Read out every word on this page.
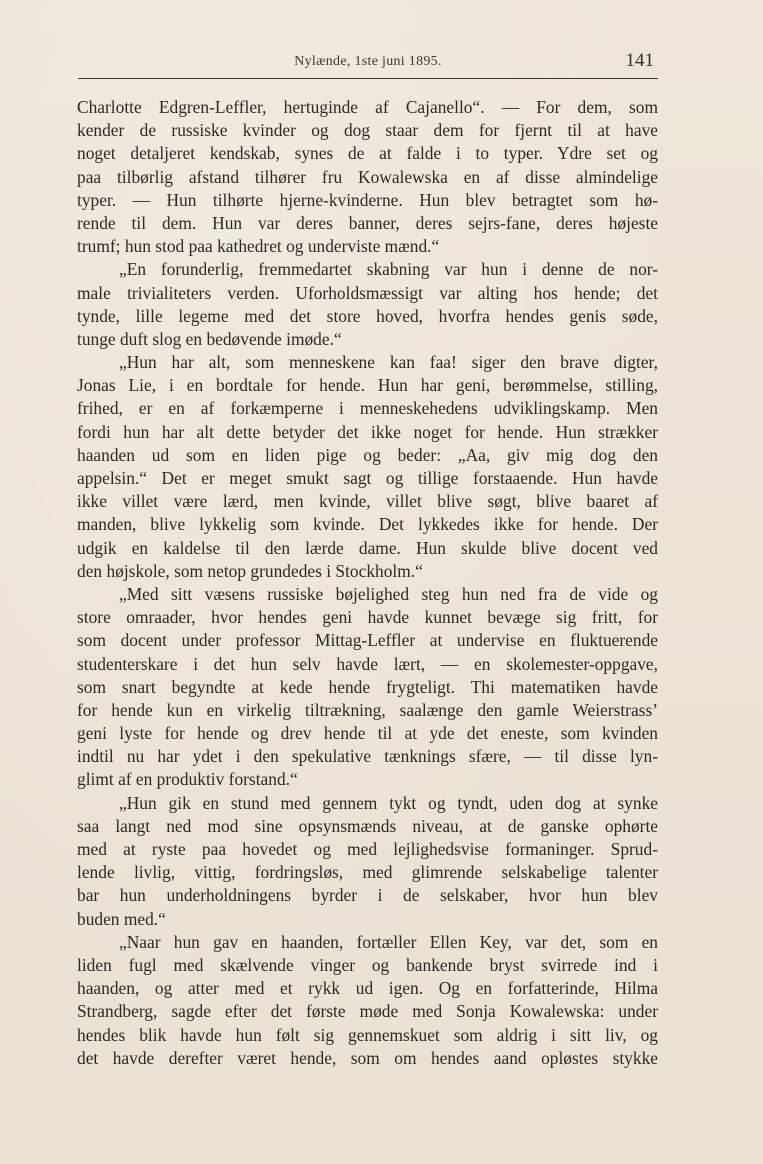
Nylænde, 1ste juni 1895.	141
Charlotte Edgren-Leffler, hertuginde af Cajanello“. — For dem, som
kender de russiske kvinder og dog staar dem for fjernt til at have
noget detaljeret kendskab, synes de at falde i to typer. Ydre set og
paa tilbørlig afstand tilhører fru Kowalewska en af disse almindelige
typer. — Hun tilhørte hjerne-kvinderne. Hun blev betragtet som hø-
rende til dem. Hun var deres banner, deres sejrs-fane, deres højeste
trumf; hun stod paa kathedret og underviste mænd.“
„En forunderlig, fremmedartet skabning var hun i denne de nor-
male trivialiteters verden. Uforholdsmæssigt var alting hos hende; det
tynde, lille legeme med det store hoved, hvorfra hendes genis søde,
tunge duft slog en bedøvende imøde.“
„Hun har alt, som menneskene kan faa! siger den brave digter,
Jonas Lie, i en bordtale for hende. Hun har geni, berømmelse, stilling,
frihed, er en af forkæmperne i menneskehedens udviklingskamp. Men
fordi hun har alt dette betyder det ikke noget for hende. Hun strækker
haanden ud som en liden pige og beder: „Aa, giv mig dog den
appelsin.“ Det er meget smukt sagt og tillige forstaaende. Hun havde
ikke villet være lærd, men kvinde, villet blive søgt, blive baaret af
manden, blive lykkelig som kvinde. Det lykkedes ikke for hende. Der
udgik en kaldelse til den lærde dame. Hun skulde blive docent ved
den højskole, som netop grundedes i Stockholm.“
„Med sitt væsens russiske bøjelighed steg hun ned fra de vide og
store omraader, hvor hendes geni havde kunnet bevæge sig fritt, for
som docent under professor Mittag-Leffler at undervise en fluktuerende
studenterskare i det hun selv havde lært, — en skolemester-oppgave,
som snart begyndte at kede hende frygteligt. Thi matematiken havde
for hende kun en virkelig tiltrækning, saalænge den gamle Weierstrass’
geni lyste for hende og drev hende til at yde det eneste, som kvinden
indtil nu har ydet i den spekulative tænknings sfære, — til disse lyn-
glimt af en produktiv forstand.“
„Hun gik en stund med gennem tykt og tyndt, uden dog at synke
saa langt ned mod sine opsynsmænds niveau, at de ganske ophørte
med at ryste paa hovedet og med lejlighedsvise formaninger. Sprud-
lende livlig, vittig, fordringsløs, med glimrende selskabelige talenter
bar hun underholdningens byrder i de selskaber, hvor hun blev
buden med.“
„Naar hun gav en haanden, fortæller Ellen Key, var det, som en
liden fugl med skælvende vinger og bankende bryst svirrede ind i
haanden, og atter med et rykk ud igen. Og en forfatterinde, Hilma
Strandberg, sagde efter det første møde med Sonja Kowalewska: under
hendes blik havde hun følt sig gennemskuet som aldrig i sitt liv, og
det havde derefter været hende, som om hendes aand opløstes stykke
